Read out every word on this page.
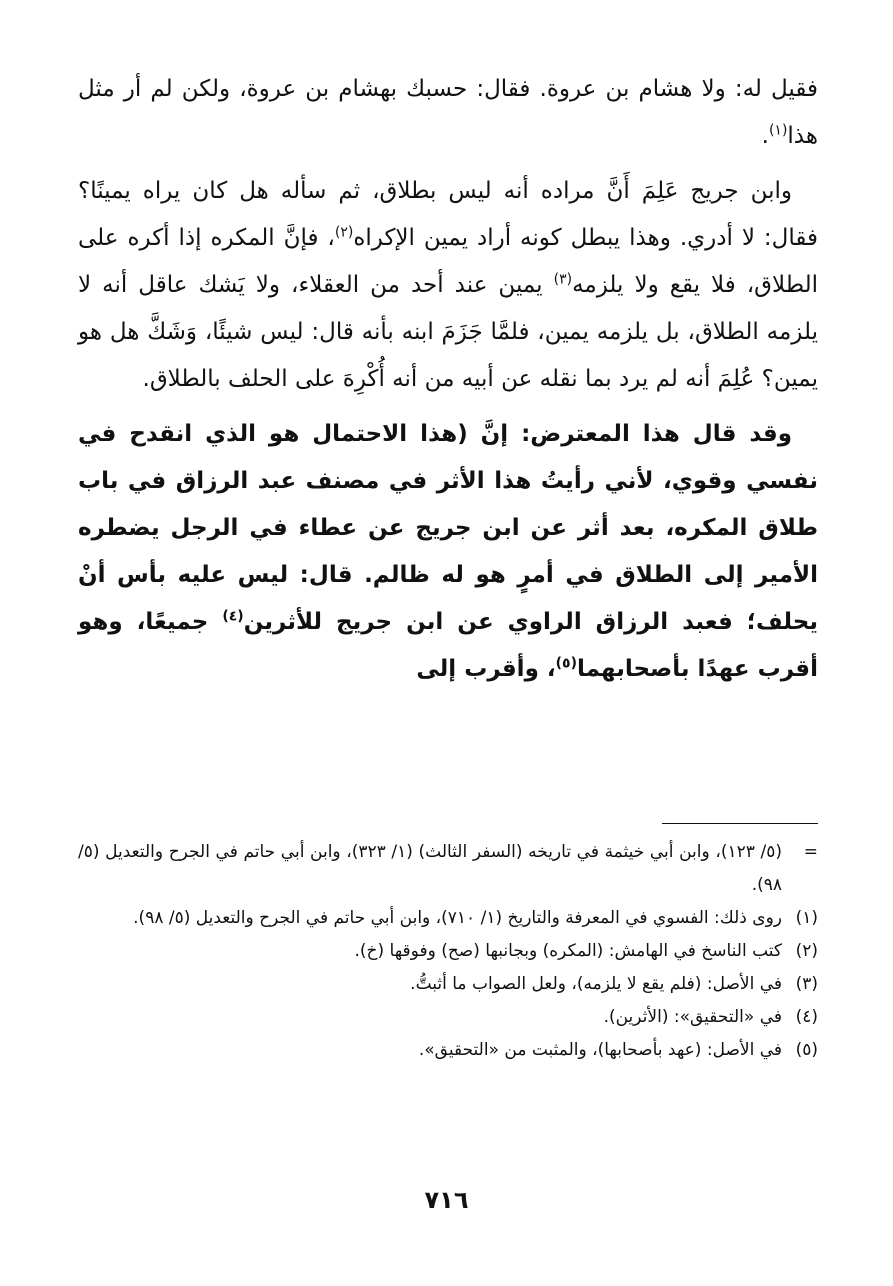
فقيل له: ولا هشام بن عروة. فقال: حسبك بهشام بن عروة، ولكن لم أر مثل هذا$^{(١)}$.

وابن جريج عَلِمَ أَنَّ مراده أنه ليس بطلاق، ثم سأله هل كان يراه يمينًا؟ فقال: لا أدري. وهذا يبطل كونه أراد يمين الإكراه$^{(٢)}$، فإنَّ المكره إذا أكره على الطلاق، فلا يقع ولا يلزمه$^{(٣)}$ يمين عند أحد من العقلاء، ولا يَشك عاقل أنه لا يلزمه الطلاق، بل يلزمه يمين، فلمَّا جَزَمَ ابنه بأنه قال: ليس شيئًا، وَشَكَّ هل هو يمين؟ عُلِمَ أنه لم يرد بما نقله عن أبيه من أنه أُكْرِهَ على الحلف بالطلاق.

وقد قال هذا المعترض: إنَّ (هذا الاحتمال هو الذي انقدح في نفسي وقوي، لأني رأيتُ هذا الأثر في مصنف عبد الرزاق في باب طلاق المكره، بعد أثر عن ابن جريج عن عطاء في الرجل يضطره الأمير إلى الطلاق في أمرٍ هو له ظالم. قال: ليس عليه بأس أنْ يحلف؛ فعبد الرزاق الراوي عن ابن جريج للأثرين$^{(٤)}$ جميعًا، وهو أقرب عهدًا بأصحابهما$^{(٥)}$، وأقرب إلى

=
(٥/ ١٢٣)، وابن أبي خيثمة في تاريخه (السفر الثالث) (١/ ٣٢٣)، وابن أبي حاتم في الجرح والتعديل (٥/ ٩٨).
(١)
روى ذلك: الفسوي في المعرفة والتاريخ (١/ ٧١٠)، وابن أبي حاتم في الجرح والتعديل (٥/ ٩٨).
(٢)
كتب الناسخ في الهامش: (المكره) وبجانبها (صح) وفوقها (خ).
(٣)
في الأصل: (فلم يقع لا يلزمه)، ولعل الصواب ما أثبتُّ.
(٤)
في «التحقيق»: (الأثرين).
(٥)
في الأصل: (عهد بأصحابها)، والمثبت من «التحقيق».
٧١٦
